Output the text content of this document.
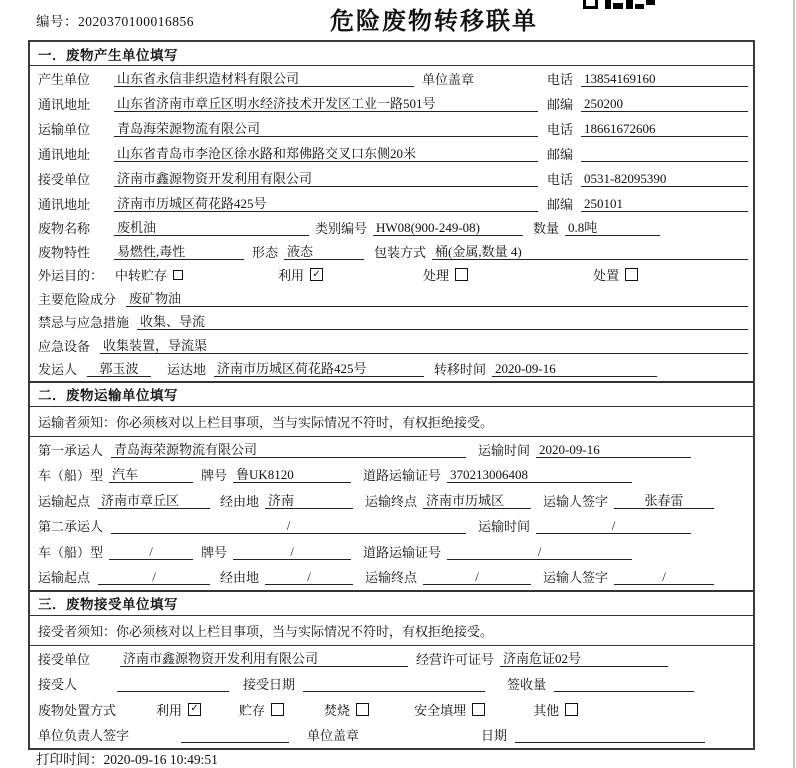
编号：2020370100016856	危险废物转移联单
一．废物产生单位填写
产生单位	山东省永信非织造材料有限公司	单位盖章	电话 13854169160
通讯地址	山东省济南市章丘区明水经济技术开发区工业一路501号	邮编 250200
运输单位	青岛海荣源物流有限公司	电话 18661672606
通讯地址	山东省青岛市李沧区徐水路和郑佛路交叉口东侧20米	邮编
接受单位	济南市鑫源物资开发利用有限公司	电话 0531-82095390
通讯地址	济南市历城区荷花路425号	邮编 250101
废物名称	废机油	类别编号 HW08(900-249-08)	数量 0.8吨
废物特性	易燃性,毒性	形态 液态	包装方式 桶(金属,数量 4)
外运目的： 中转贮存	利用 ✓	处理	处置
主要危险成分 废矿物油
禁忌与应急措施 收集、导流
应急设备 收集装置，导流渠
发运人	郭玉波	运达地 济南市历城区荷花路425号	转移时间 2020-09-16
二．废物运输单位填写
运输者须知：你必须核对以上栏目事项，当与实际情况不符时，有权拒绝接受。
第一承运人 青岛海荣源物流有限公司	运输时间 2020-09-16
车（船）型 汽车	牌号 鲁UK8120	道路运输证号 370213006408
运输起点 济南市章丘区	经由地 济南	运输终点 济南市历城区	运输人签字	张春雷
第二承运人	/	运输时间	/
车（船）型	/	牌号	/	道路运输证号	/
运输起点	/	经由地	/	运输终点	/	运输人签字	/
三．废物接受单位填写
接受者须知：你必须核对以上栏目事项，当与实际情况不符时，有权拒绝接受。
接受单位	济南市鑫源物资开发利用有限公司	经营许可证号 济南危证02号
接受人	接受日期	签收量
废物处置方式	利用 ✓	贮存	焚烧	安全填埋	其他
单位负责人签字	单位盖章	日期
打印时间：2020-09-16 10:49:51
